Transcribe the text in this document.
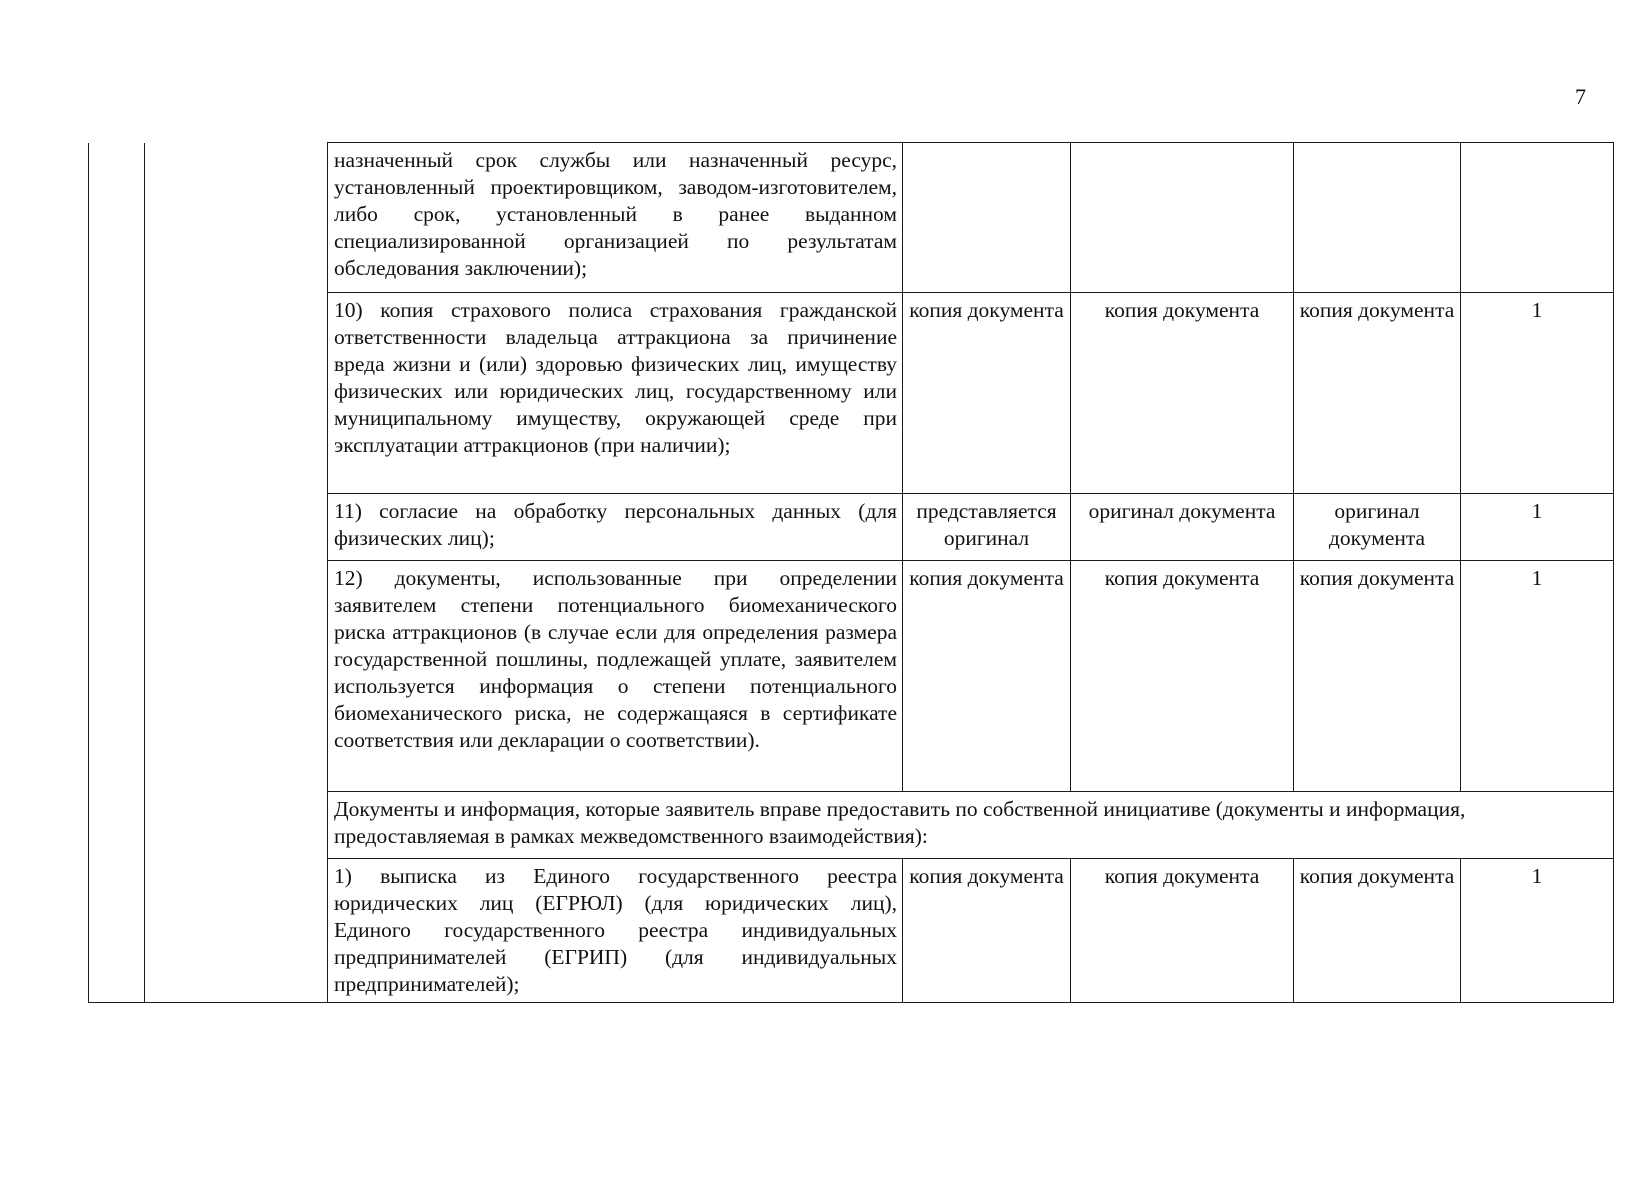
7
		назначенный срок службы или назначенный ресурс, установленный проектировщиком, заводом-изготовителем, либо срок, установленный в ранее выданном специализированной организацией по результатам обследования заключении);				
		10) копия страхового полиса страхования гражданской ответственности владельца аттракциона за причинение вреда жизни и (или) здоровью физических лиц, имуществу физических или юридических лиц, государственному или муниципальному имуществу, окружающей среде при эксплуатации аттракционов (при наличии);	копия документа	копия документа	копия документа	1
		11) согласие на обработку персональных данных (для физических лиц);	представляется оригинал	оригинал документа	оригинал документа	1
		12) документы, использованные при определении заявителем степени потенциального биомеханического риска аттракционов (в случае если для определения размера государственной пошлины, подлежащей уплате, заявителем используется информация о степени потенциального биомеханического риска, не содержащаяся в сертификате соответствия или декларации о соответствии).	копия документа	копия документа	копия документа	1
		Документы и информация, которые заявитель вправе предоставить по собственной инициативе (документы и информация, предоставляемая в рамках межведомственного взаимодействия):				
		1) выписка из Единого государственного реестра юридических лиц (ЕГРЮЛ) (для юридических лиц), Единого государственного реестра индивидуальных предпринимателей (ЕГРИП) (для индивидуальных предпринимателей);	копия документа	копия документа	копия документа	1
